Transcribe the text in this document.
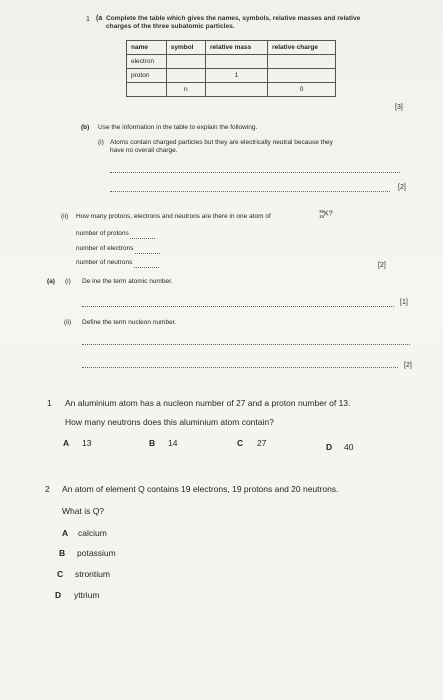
1 (a Complete the table which gives the names, symbols, relative masses and relative
charges of the three subatomic particles.
name	symbol	relative mass	relative charge
electron			
proton		1	
	n		0
[3]
(b) Use the information in the table to explain the following.
(i) Atoms contain charged particles but they are electrically neutral because they
have no overall charge.
[2]
(ii) How many protons, electrons and neutrons are there in one atom of
39
19 K?
number of protons
number of electrons
number of neutrons	[2]
(a) (i) De ine the term atomic number.
[1]
(ii) Define the term nucleon number.
[2]
1 An aluminium atom has a nucleon number of 27 and a proton number of 13.
How many neutrons does this aluminium atom contain?
A 13	B 14	C 27	D 40
2 An atom of element Q contains 19 electrons, 19 protons and 20 neutrons.
What is Q?
A calcium
B potassium
C strontium
D yttrium
